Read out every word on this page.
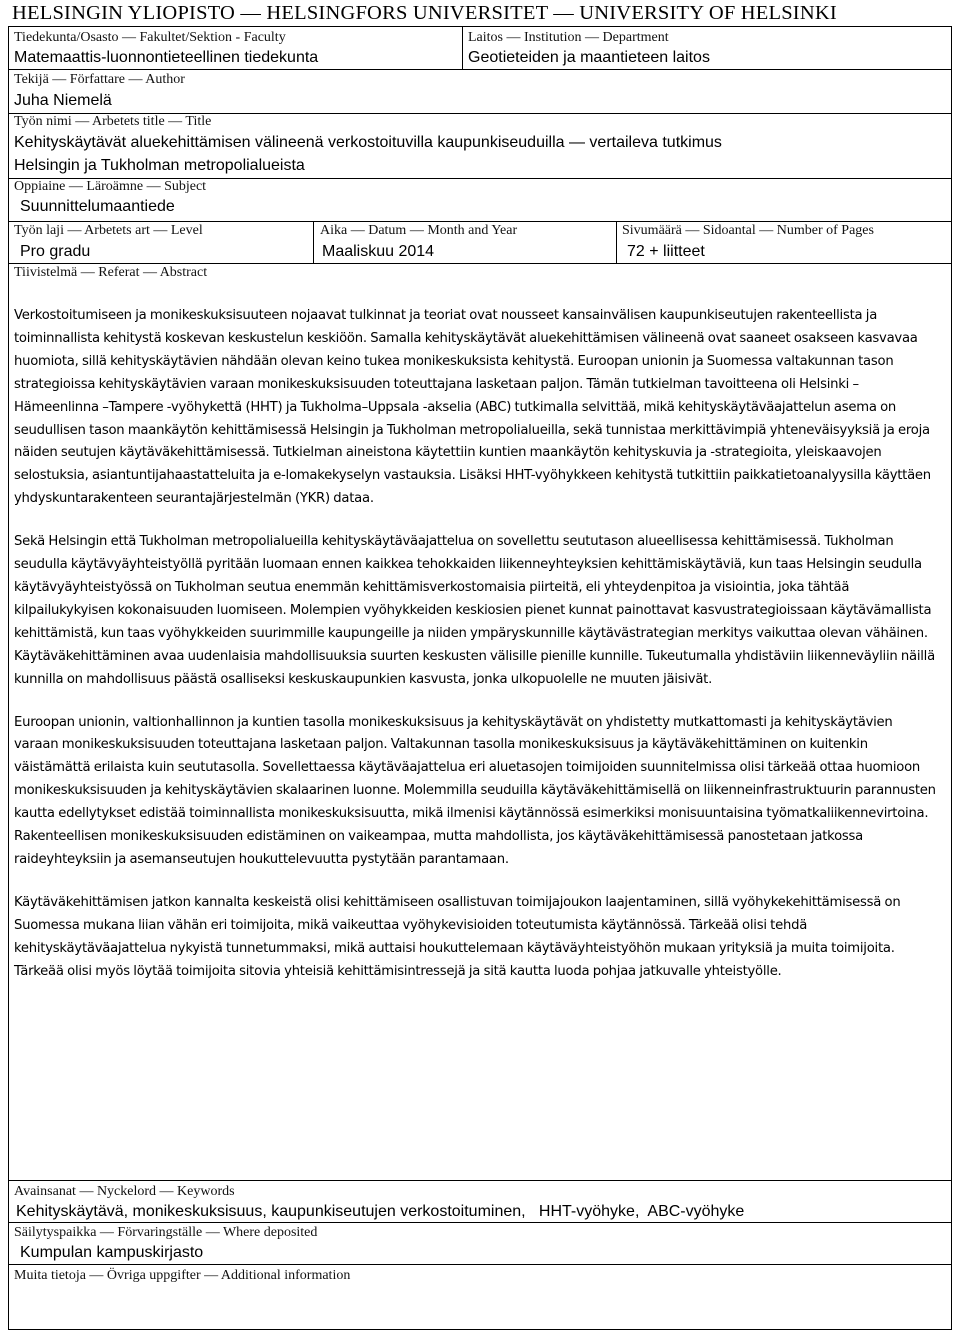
HELSINGIN YLIOPISTO — HELSINGFORS UNIVERSITET — UNIVERSITY OF HELSINKI
Tiedekunta/Osasto — Fakultet/Sektion - Faculty
Matemaattis-luonnontieteellinen tiedekunta
Laitos — Institution — Department
Geotieteiden ja maantieteen laitos
Tekijä — Författare — Author
Juha Niemelä
Työn nimi — Arbetets title — Title
Kehityskäytävät aluekehittämisen välineenä verkostoituvilla kaupunkiseuduilla — vertaileva tutkimus
Helsingin ja Tukholman metropolialueista
Oppiaine — Läroämne — Subject
Suunnittelumaantiede
Työn laji — Arbetets art — Level
Pro gradu
Aika — Datum — Month and Year
Maaliskuu 2014
Sivumäärä — Sidoantal — Number of Pages
72 + liitteet
Tiivistelmä — Referat — Abstract

Verkostoitumiseen ja monikeskuksisuuteen nojaavat tulkinnat ja teoriat ovat nousseet kansainvälisen kaupunkiseutujen rakenteellista ja toiminnallista kehitystä koskevan keskustelun keskiöön. Samalla kehityskäytävät aluekehittämisen välineenä ovat saaneet osakseen kasvavaa huomiota, sillä kehityskäytävien nähdään olevan keino tukea monikeskuksista kehitystä. Euroopan unionin ja Suomessa valtakunnan tason strategioissa kehityskäytävien varaan monikeskuksisuuden toteuttajana lasketaan paljon. Tämän tutkielman tavoitteena oli Helsinki –Hämeenlinna –Tampere -vyöhykettä (HHT) ja Tukholma–Uppsala -akselia (ABC) tutkimalla selvittää, mikä kehityskäytäväajattelun asema on seudullisen tason maankäytön kehittämisessä Helsingin ja Tukholman metropolialueilla, sekä tunnistaa merkittävimpiä yhteneväisyyksiä ja eroja näiden seutujen käytäväkehittämisessä. Tutkielman aineistona käytettiin kuntien maankäytön kehityskuvia ja -strategioita, yleiskaavojen selostuksia, asiantuntijahaastatteluita ja e-lomakekyselyn vastauksia. Lisäksi HHT-vyöhykkeen kehitystä tutkittiin paikkatietoanalyysilla käyttäen yhdyskuntarakenteen seurantajärjestelmän (YKR) dataa.

Sekä Helsingin että Tukholman metropolialueilla kehityskäytäväajattelua on sovellettu seututason alueellisessa kehittämisessä. Tukholman seudulla käytävyäyhteistyöllä pyritään luomaan ennen kaikkea tehokkaiden liikenneyhteyksien kehittämiskäytäviä, kun taas Helsingin seudulla käytävyäyhteistyössä on Tukholman seutua enemmän kehittämisverkostomaisia piirteitä, eli yhteydenpitoa ja visiointia, joka tähtää kilpailukykyisen kokonaisuuden luomiseen. Molempien vyöhykkeiden keskiosien pienet kunnat painottavat kasvustrategioissaan käytävämallista kehittämistä, kun taas vyöhykkeiden suurimmille kaupungeille ja niiden ympäryskunnille käytävästrategian merkitys vaikuttaa olevan vähäinen. Käytäväkehittäminen avaa uudenlaisia mahdollisuuksia suurten keskusten välisille pienille kunnille. Tukeutumalla yhdistäviin liikenneväyliin näillä kunnilla on mahdollisuus päästä osalliseksi keskuskaupunkien kasvusta, jonka ulkopuolelle ne muuten jäisivät.

Euroopan unionin, valtionhallinnon ja kuntien tasolla monikeskuksisuus ja kehityskäytävät on yhdistetty mutkattomasti ja kehityskäytävien varaan monikeskuksisuuden toteuttajana lasketaan paljon. Valtakunnan tasolla monikeskuksisuus ja käytäväkehittäminen on kuitenkin väistämättä erilaista kuin seututasolla. Sovellettaessa käytäväajattelua eri aluetasojen toimijoiden suunnitelmissa olisi tärkeää ottaa huomioon monikeskuksisuuden ja kehityskäytävien skalaarinen luonne. Molemmilla seuduilla käytäväkehittämisellä on liikenneinfrastruktuurin parannusten kautta edellytykset edistää toiminnallista monikeskuksisuutta, mikä ilmenisi käytännössä esimerkiksi monisuuntaisina työmatkaliikennevirtoina. Rakenteellisen monikeskuksisuuden edistäminen on vaikeampaa, mutta mahdollista, jos käytäväkehittämisessä panostetaan jatkossa raideyhteyksiin ja asemanseutujen houkuttelevuutta pystytään parantamaan.

Käytäväkehittämisen jatkon kannalta keskeistä olisi kehittämiseen osallistuvan toimijajoukon laajentaminen, sillä vyöhykekehittämisessä on Suomessa mukana liian vähän eri toimijoita, mikä vaikeuttaa vyöhykevisioiden toteutumista käytännössä. Tärkeää olisi tehdä kehityskäytäväajattelua nykyistä tunnetummaksi, mikä auttaisi houkuttelemaan käytäväyhteistyöhön mukaan yrityksiä ja muita toimijoita. Tärkeää olisi myös löytää toimijoita sitovia yhteisiä kehittämisintressejä ja sitä kautta luoda pohjaa jatkuvalle yhteistyölle.

Avainsanat — Nyckelord — Keywords
Kehityskäytävä, monikeskuksisuus, kaupunkiseutujen verkostoituminen,   HHT-vyöhyke,  ABC-vyöhyke
Säilytyspaikka — Förvaringställe — Where deposited
Kumpulan kampuskirjasto
Muita tietoja — Övriga uppgifter — Additional information
